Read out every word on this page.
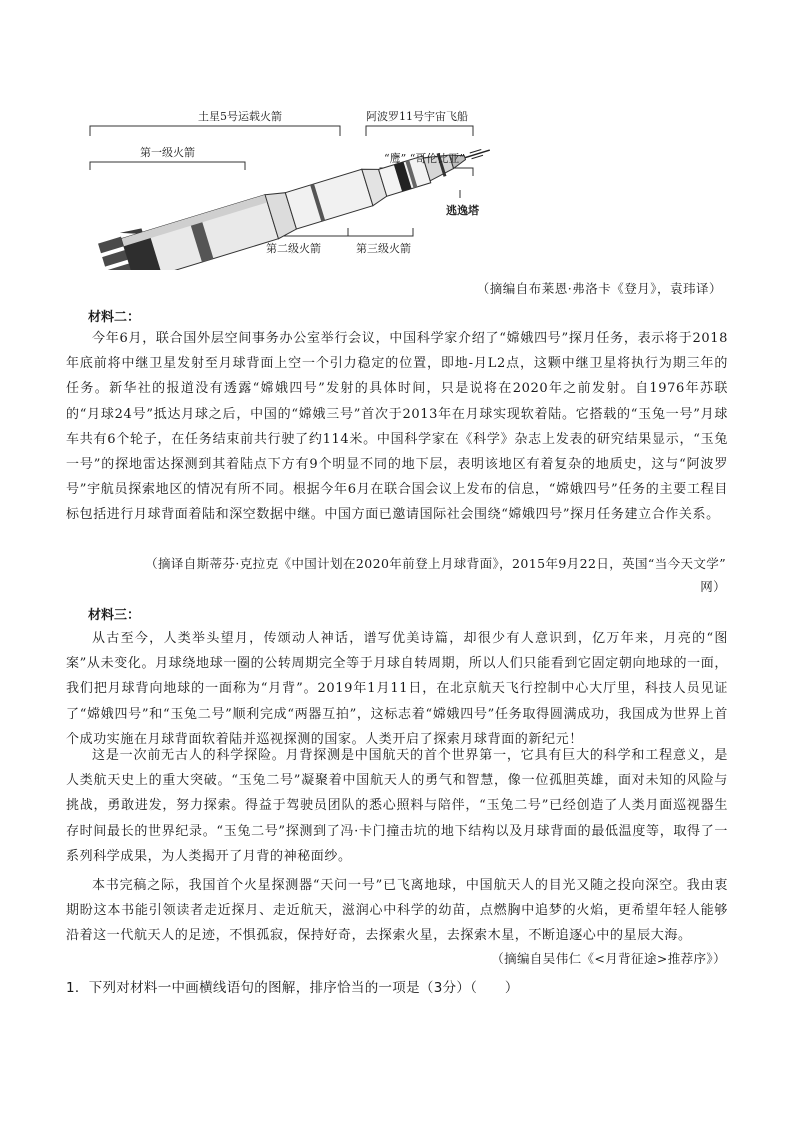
土星5号运载火箭	阿波罗11号宇宙飞船
第一级火箭	“鹰” “哥伦比亚”
逃逸塔
第二级火箭	第三级火箭
（摘编自布莱恩·弗洛卡《登月》，袁玮译）
材料二：

今年6月，联合国外层空间事务办公室举行会议，中国科学家介绍了“嫦娥四号”探月任务，表示将于2018年底前将中继卫星发射至月球背面上空一个引力稳定的位置，即地-月L2点，这颗中继卫星将执行为期三年的任务。新华社的报道没有透露“嫦娥四号”发射的具体时间，只是说将在2020年之前发射。自1976年苏联的“月球24号”抵达月球之后，中国的“嫦娥三号”首次于2013年在月球实现软着陆。它搭载的“玉兔一号”月球车共有6个轮子，在任务结束前共行驶了约114米。中国科学家在《科学》杂志上发表的研究结果显示，“玉兔一号”的探地雷达探测到其着陆点下方有9个明显不同的地下层，表明该地区有着复杂的地质史，这与“阿波罗号”宇航员探索地区的情况有所不同。根据今年6月在联合国会议上发布的信息，“嫦娥四号”任务的主要工程目标包括进行月球背面着陆和深空数据中继。中国方面已邀请国际社会围绕“嫦娥四号”探月任务建立合作关系。

（摘译自斯蒂芬·克拉克《中国计划在2020年前登上月球背面》，2015年9月22日，英国“当今天文学”
网）
材料三：

从古至今，人类举头望月，传颂动人神话，谱写优美诗篇，却很少有人意识到，亿万年来，月亮的“图案”从未变化。月球绕地球一圈的公转周期完全等于月球自转周期，所以人们只能看到它固定朝向地球的一面，我们把月球背向地球的一面称为“月背”。2019年1月11日，在北京航天飞行控制中心大厅里，科技人员见证了“嫦娥四号”和“玉兔二号”顺利完成“两器互拍”，这标志着“嫦娥四号”任务取得圆满成功，我国成为世界上首个成功实施在月球背面软着陆并巡视探测的国家。人类开启了探索月球背面的新纪元！

这是一次前无古人的科学探险。月背探测是中国航天的首个世界第一，它具有巨大的科学和工程意义，是人类航天史上的重大突破。“玉兔二号”凝聚着中国航天人的勇气和智慧，像一位孤胆英雄，面对未知的风险与挑战，勇敢进发，努力探索。得益于驾驶员团队的悉心照料与陪伴，“玉兔二号”已经创造了人类月面巡视器生存时间最长的世界纪录。“玉兔二号”探测到了冯·卡门撞击坑的地下结构以及月球背面的最低温度等，取得了一系列科学成果，为人类揭开了月背的神秘面纱。

本书完稿之际，我国首个火星探测器“天问一号”已飞离地球，中国航天人的目光又随之投向深空。我由衷期盼这本书能引领读者走近探月、走近航天，滋润心中科学的幼苗，点燃胸中追梦的火焰，更希望年轻人能够沿着这一代航天人的足迹，不惧孤寂，保持好奇，去探索火星，去探索木星，不断追逐心中的星辰大海。

（摘编自吴伟仁《<月背征途>推荐序》）
1．下列对材料一中画横线语句的图解，排序恰当的一项是（3分）（　　）
